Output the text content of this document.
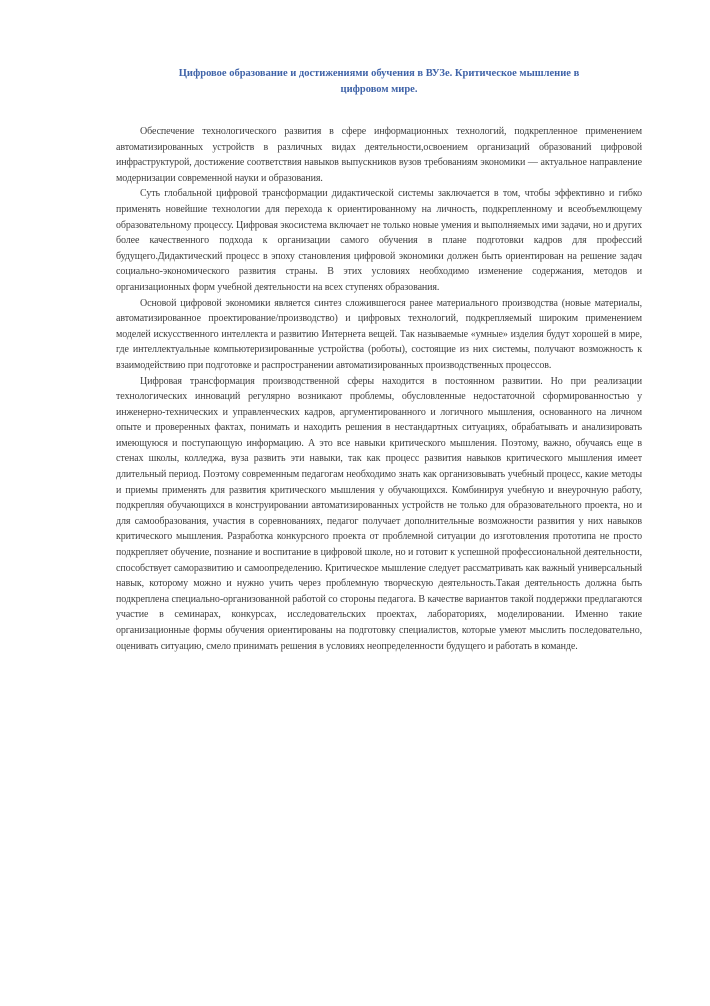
Цифровое образование и достижениями обучения в ВУЗе. Критическое мышление в цифровом мире.

Обеспечение технологического развития в сфере информационных технологий, подкрепленное применением автоматизированных устройств в различных видах деятельности,освоением организаций образований цифровой инфраструктурой, достижение соответствия навыков выпускников вузов требованиям экономики — актуальное направление модернизации современной науки и образования.

Суть глобальной цифровой трансформации дидактической системы заключается в том, чтобы эффективно и гибко применять новейшие технологии для перехода к ориентированному на личность, подкрепленному и всеобъемлющему образовательному процессу. Цифровая экосистема включает не только новые умения и выполняемых ими задачи, но и других более качественного подхода к организации самого обучения в плане подготовки кадров для профессий будущего.Дидактический процесс в эпоху становления цифровой экономики должен быть ориентирован на решение задач социально-экономического развития страны. В этих условиях необходимо изменение содержания, методов и организационных форм учебной деятельности на всех ступенях образования.

Основой цифровой экономики является синтез сложившегося ранее материального производства (новые материалы, автоматизированное проектирование/производство) и цифровых технологий, подкрепляемый широким применением моделей искусственного интеллекта и развитию Интернета вещей. Так называемые «умные» изделия будут хорошей в мире, где интеллектуальные компьютеризированные устройства (роботы), состоящие из них системы, получают возможность к взаимодействию при подготовке и распространении автоматизированных производственных процессов.

Цифровая трансформация производственной сферы находится в постоянном развитии. Но при реализации технологических инноваций регулярно возникают проблемы, обусловленные недостаточной сформированностью у инженерно-технических и управленческих кадров, аргументированного и логичного мышления, основанного на личном опыте и проверенных фактах, понимать и находить решения в нестандартных ситуациях, обрабатывать и анализировать имеющуюся и поступающую информацию. А это все навыки критического мышления. Поэтому, важно, обучаясь еще в стенах школы, колледжа, вуза развить эти навыки, так как процесс развития навыков критического мышления имеет длительный период. Поэтому современным педагогам необходимо знать как организовывать учебный процесс, какие методы и приемы применять для развития критического мышления у обучающихся. Комбинируя учебную и внеурочную работу, подкрепляя обучающихся в конструировании автоматизированных устройств не только для образовательного проекта, но и для самообразования, участия в соревнованиях, педагог получает дополнительные возможности развития у них навыков критического мышления. Разработка конкурсного проекта от проблемной ситуации до изготовления прототипа не просто подкрепляет обучение, познание и воспитание в цифровой школе, но и готовит к успешной профессиональной деятельности, способствует саморазвитию и самоопределению. Критическое мышление следует рассматривать как важный универсальный навык, которому можно и нужно учить через проблемную творческую деятельность.Такая деятельность должна быть подкреплена специально-организованной работой со стороны педагога. В качестве вариантов такой поддержки предлагаются участие в семинарах, конкурсах, исследовательских проектах, лабораториях, моделировании. Именно такие организационные формы обучения ориентированы на подготовку специалистов, которые умеют мыслить последовательно, оценивать ситуацию, смело принимать решения в условиях неопределенности будущего и работать в команде.
